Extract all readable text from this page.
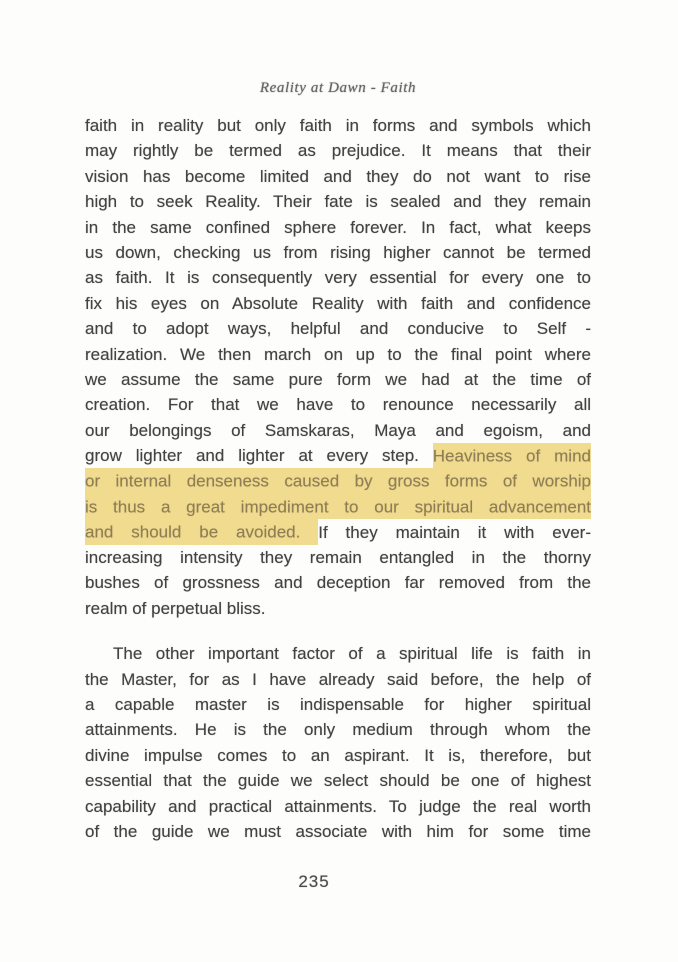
Reality at Dawn - Faith
faith in reality but only faith in forms and symbols which
may rightly be termed as prejudice. It means that their
vision has become limited and they do not want to rise
high to seek Reality. Their fate is sealed and they remain
in the same confined sphere forever. In fact, what keeps
us down, checking us from rising higher cannot be termed
as faith. It is consequently very essential for every one to
fix his eyes on Absolute Reality with faith and confidence
and to adopt ways, helpful and conducive to Self -
realization. We then march on up to the final point where
we assume the same pure form we had at the time of
creation. For that we have to renounce necessarily all
our belongings of Samskaras, Maya and egoism, and
grow lighter and lighter at every step. Heaviness of mind
or internal denseness caused by gross forms of worship
is thus a great impediment to our spiritual advancement
and should be avoided. If they maintain it with ever-
increasing intensity they remain entangled in the thorny
bushes of grossness and deception far removed from the
realm of perpetual bliss.
The other important factor of a spiritual life is faith in
the Master, for as I have already said before, the help of
a capable master is indispensable for higher spiritual
attainments. He is the only medium through whom the
divine impulse comes to an aspirant. It is, therefore, but
essential that the guide we select should be one of highest
capability and practical attainments. To judge the real worth
of the guide we must associate with him for some time
235
